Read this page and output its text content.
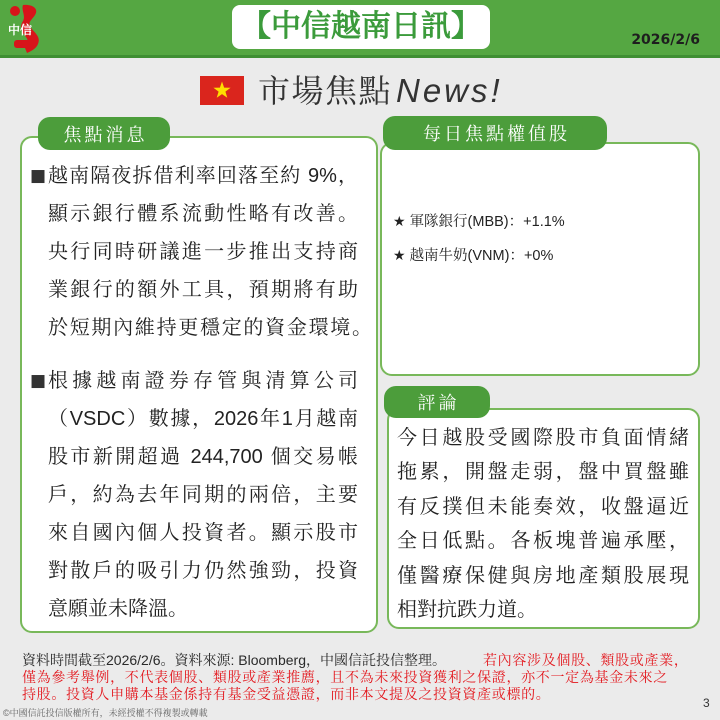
中信	【中信越南日訊】	2026/2/6
市場焦點 News!
焦點消息	每日焦點權值股
評論
■ 越南隔夜拆借利率回落至約 9%，
顯示銀行體系流動性略有改善。
央行同時研議進一步推出支持商
業銀行的額外工具，預期將有助
於短期內維持更穩定的資金環境。
■ 根據越南證券存管與清算公司
（VSDC）數據，2026年1月越南
股市新開超過 244,700 個交易帳
戶，約為去年同期的兩倍，主要
來自國內個人投資者。顯示股市
對散戶的吸引力仍然強勁，投資
意願並未降溫。
★ 軍隊銀行(MBB)：+1.1%
★ 越南牛奶(VNM)：+0%
今日越股受國際股市負面情緒
拖累，開盤走弱，盤中買盤雖
有反撲但未能奏效，收盤逼近
全日低點。各板塊普遍承壓，
僅醫療保健與房地產類股展現
相對抗跌力道。
資料時間截至2026/2/6。資料來源: Bloomberg，中國信託投信整理。	若內容涉及個股、類股或產業，
僅為參考舉例，不代表個股、類股或產業推薦，且不為未來投資獲利之保證，亦不一定為基金未來之
持股。投資人申購本基金係持有基金受益憑證，而非本文提及之投資資產或標的。
©中國信託投信版權所有，未經授權不得複製或轉載
3
